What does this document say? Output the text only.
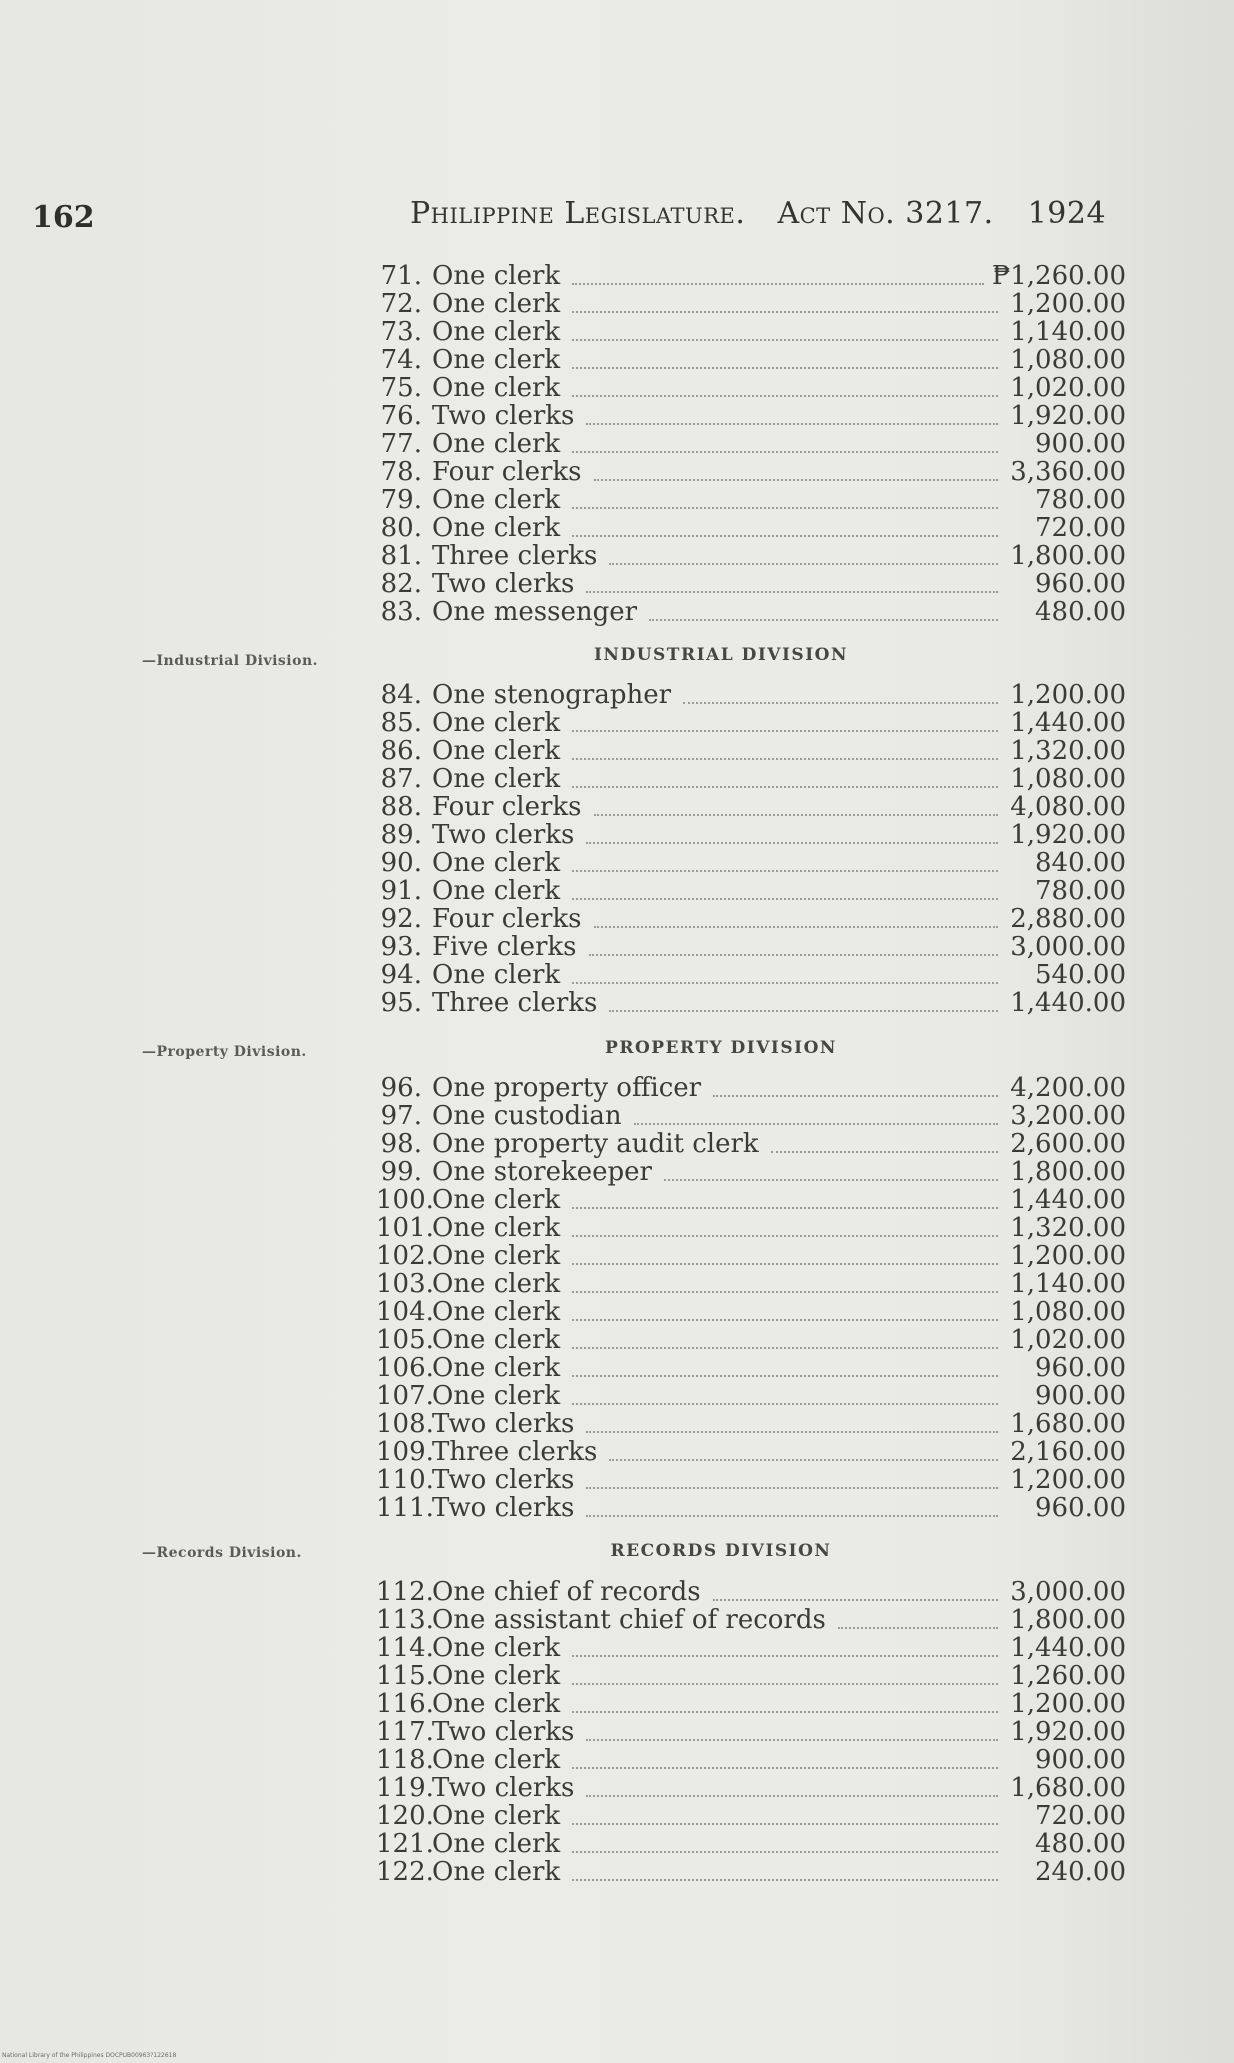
162	Philippine Legislature. Act No. 3217. 1924
71. One clerk	₱1,260.00
72. One clerk	1,200.00
73. One clerk	1,140.00
74. One clerk	1,080.00
75. One clerk	1,020.00
76. Two clerks	1,920.00
77. One clerk	900.00
78. Four clerks	3,360.00
79. One clerk	780.00
80. One clerk	720.00
81. Three clerks	1,800.00
82. Two clerks	960.00
83. One messenger	480.00
—Industrial Division.	INDUSTRIAL DIVISION
84. One stenographer	1,200.00
85. One clerk	1,440.00
86. One clerk	1,320.00
87. One clerk	1,080.00
88. Four clerks	4,080.00
89. Two clerks	1,920.00
90. One clerk	840.00
91. One clerk	780.00
92. Four clerks	2,880.00
93. Five clerks	3,000.00
94. One clerk	540.00
95. Three clerks	1,440.00
—Property Division.	PROPERTY DIVISION
96. One property officer	4,200.00
97. One custodian	3,200.00
98. One property audit clerk	2,600.00
99. One storekeeper	1,800.00
100.One clerk	1,440.00
101.One clerk	1,320.00
102.One clerk	1,200.00
103.One clerk	1,140.00
104.One clerk	1,080.00
105.One clerk	1,020.00
106.One clerk	960.00
107.One clerk	900.00
108.Two clerks	1,680.00
109.Three clerks	2,160.00
110.Two clerks	1,200.00
111.Two clerks	960.00
—Records Division.	RECORDS DIVISION
112.One chief of records	3,000.00
113.One assistant chief of records	1,800.00
114.One clerk	1,440.00
115.One clerk	1,260.00
116.One clerk	1,200.00
117.Two clerks	1,920.00
118.One clerk	900.00
119.Two clerks	1,680.00
120.One clerk	720.00
121.One clerk	480.00
122.One clerk	240.00
National Library of the Philippines DOCPUB00963?122618
